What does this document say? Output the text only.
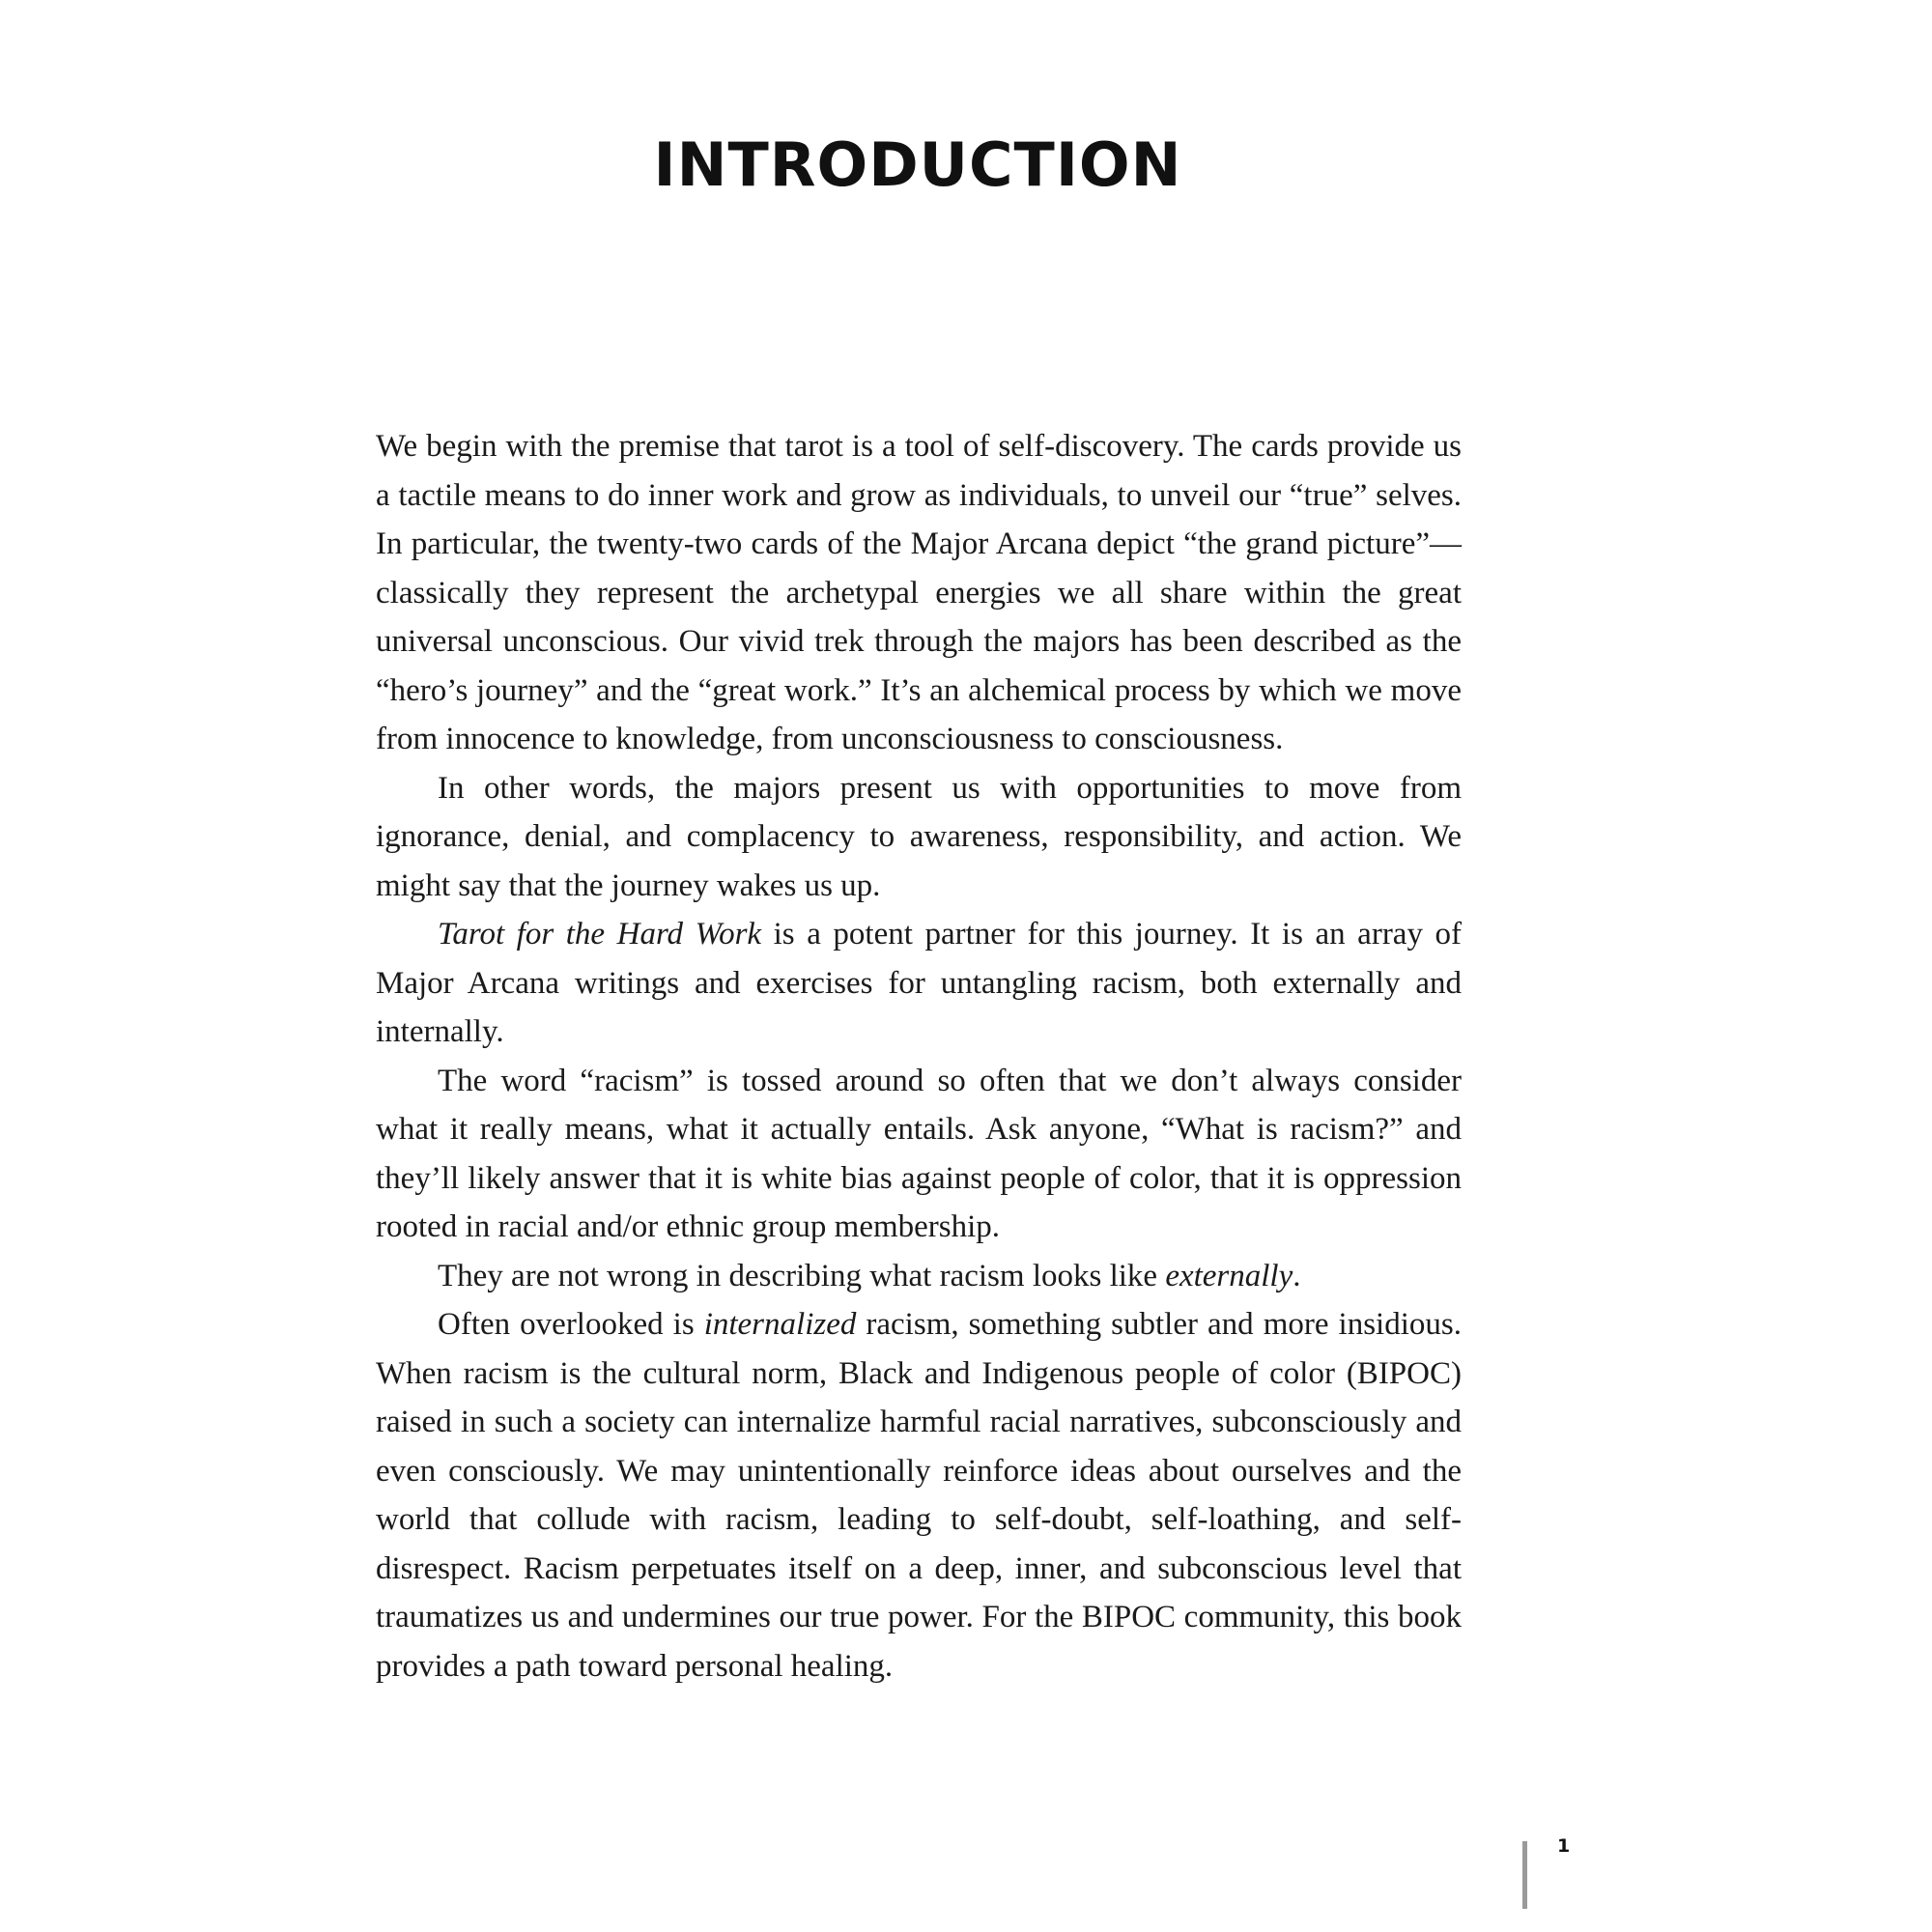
INTRODUCTION

We begin with the premise that tarot is a tool of self-discovery. The cards provide us a tactile means to do inner work and grow as individuals, to unveil our “true” selves. In particular, the twenty-two cards of the Major Arcana depict “the grand picture”—classically they represent the archetypal energies we all share within the great universal unconscious. Our vivid trek through the majors has been described as the “hero’s journey” and the “great work.” It’s an alchemical process by which we move from innocence to knowledge, from unconsciousness to consciousness.

In other words, the majors present us with opportunities to move from ignorance, denial, and complacency to awareness, responsibility, and action. We might say that the journey wakes us up.

Tarot for the Hard Work is a potent partner for this journey. It is an array of Major Arcana writings and exercises for untangling racism, both externally and internally.

The word “racism” is tossed around so often that we don’t always consider what it really means, what it actually entails. Ask anyone, “What is racism?” and they’ll likely answer that it is white bias against people of color, that it is oppression rooted in racial and/or ethnic group membership.

They are not wrong in describing what racism looks like externally.

Often overlooked is internalized racism, something subtler and more insidious. When racism is the cultural norm, Black and Indigenous people of color (BIPOC) raised in such a society can internalize harmful racial narratives, subconsciously and even consciously. We may unintentionally reinforce ideas about ourselves and the world that collude with racism, leading to self-doubt, self-loathing, and self-disrespect. Racism perpetuates itself on a deep, inner, and subconscious level that traumatizes us and undermines our true power. For the BIPOC community, this book provides a path toward personal healing.

1
